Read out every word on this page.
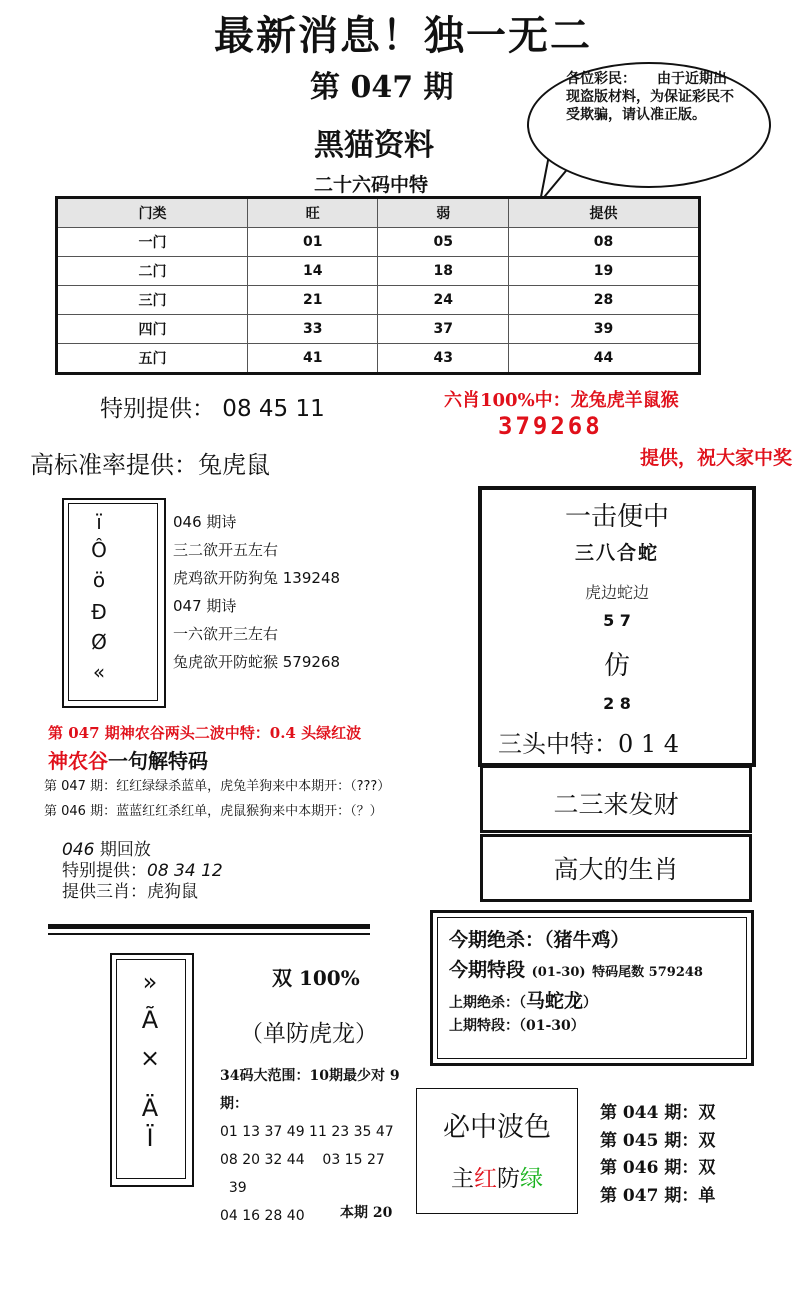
最新消息！独一无二
第 047 期
黑猫资料
二十六码中特
各位彩民：　　由于近期出现盗版材料，为保证彩民不受欺骗，请认准正版。
门类	旺	弱	提供
一门	01	05	08
二门	14	18	19
三门	21	24	28
四门	33	37	39
五门	41	43	44
特别提供： 08 45 11
高标准率提供：兔虎鼠
六肖100%中：龙兔虎羊鼠猴
379268
提供，祝大家中奖
ï
Ô
ö
Ð
Ø
«
046 期诗
三二欲开五左右
虎鸡欲开防狗兔 139248
047 期诗
一六欲开三左右
兔虎欲开防蛇猴 579268
第 047 期神农谷两头二波中特：0.4 头绿红波
神农谷一句解特码
第 047 期：红红绿绿杀蓝单，虎兔羊狗来中本期开：（???）
第 046 期：蓝蓝红红杀红单，虎鼠猴狗来中本期开：（？）
046 期回放
特别提供：08 34 12
提供三肖：虎狗鼠
一击便中
三八合蛇
虎边蛇边
5 7
仿
2 8
三头中特：0 1 4
二三来发财
高大的生肖
今期绝杀：（猪牛鸡）
今期特段 (01-30) 特码尾数 579248
上期绝杀：（马蛇龙）
上期特段：（01-30）
»
Ã
×
Ä
Ï
双 100%
（单防虎龙）
34码大范围：10期最少对 9期：
01 13 37 49 11 23 35 47
08 20 32 44    03 15 27
39
04 16 28 40	本期 20
必中波色
主红防绿
第 044 期：双
第 045 期：双
第 046 期：双
第 047 期：单
